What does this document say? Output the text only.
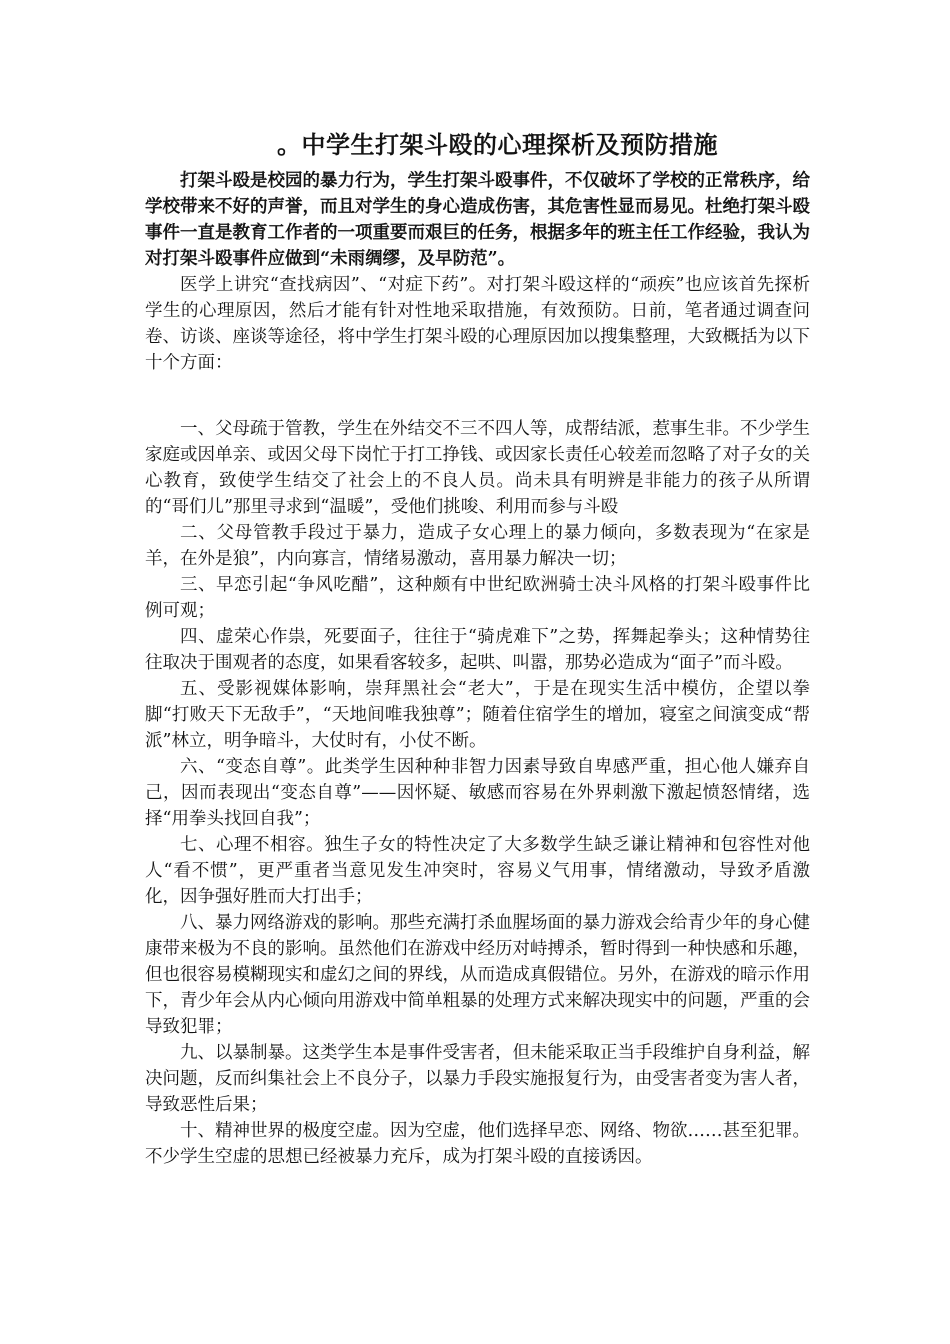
。中学生打架斗殴的心理探析及预防措施

打架斗殴是校园的暴力行为，学生打架斗殴事件，不仅破坏了学校的正常秩序，给学校带来不好的声誉，而且对学生的身心造成伤害，其危害性显而易见。杜绝打架斗殴事件一直是教育工作者的一项重要而艰巨的任务，根据多年的班主任工作经验，我认为对打架斗殴事件应做到“未雨绸缪，及早防范”。

医学上讲究“查找病因”、“对症下药”。对打架斗殴这样的“顽疾”也应该首先探析学生的心理原因，然后才能有针对性地采取措施，有效预防。日前，笔者通过调查问卷、访谈、座谈等途径，将中学生打架斗殴的心理原因加以搜集整理，大致概括为以下十个方面：

一、父母疏于管教，学生在外结交不三不四人等，成帮结派，惹事生非。不少学生家庭或因单亲、或因父母下岗忙于打工挣钱、或因家长责任心较差而忽略了对子女的关心教育，致使学生结交了社会上的不良人员。尚未具有明辨是非能力的孩子从所谓的“哥们儿”那里寻求到“温暖”，受他们挑唆、利用而参与斗殴

二、父母管教手段过于暴力，造成子女心理上的暴力倾向，多数表现为“在家是羊，在外是狼”，内向寡言，情绪易激动，喜用暴力解决一切；

三、早恋引起“争风吃醋”，这种颇有中世纪欧洲骑士决斗风格的打架斗殴事件比例可观；

四、虚荣心作祟，死要面子，往往于“骑虎难下”之势，挥舞起拳头；这种情势往往取决于围观者的态度，如果看客较多，起哄、叫嚣，那势必造成为“面子”而斗殴。

五、受影视媒体影响，崇拜黑社会“老大”，于是在现实生活中模仿，企望以拳脚“打败天下无敌手”，“天地间唯我独尊”；随着住宿学生的增加，寝室之间演变成“帮派”林立，明争暗斗，大仗时有，小仗不断。

六、“变态自尊”。此类学生因种种非智力因素导致自卑感严重，担心他人嫌弃自己，因而表现出“变态自尊”——因怀疑、敏感而容易在外界刺激下激起愤怒情绪，选择“用拳头找回自我”；

七、心理不相容。独生子女的特性决定了大多数学生缺乏谦让精神和包容性对他人“看不惯”，更严重者当意见发生冲突时，容易义气用事，情绪激动，导致矛盾激化，因争强好胜而大打出手；

八、暴力网络游戏的影响。那些充满打杀血腥场面的暴力游戏会给青少年的身心健康带来极为不良的影响。虽然他们在游戏中经历对峙搏杀，暂时得到一种快感和乐趣，但也很容易模糊现实和虚幻之间的界线，从而造成真假错位。另外，在游戏的暗示作用下，青少年会从内心倾向用游戏中简单粗暴的处理方式来解决现实中的问题，严重的会导致犯罪；

九、以暴制暴。这类学生本是事件受害者，但未能采取正当手段维护自身利益，解决问题，反而纠集社会上不良分子，以暴力手段实施报复行为，由受害者变为害人者，导致恶性后果；

十、精神世界的极度空虚。因为空虚，他们选择早恋、网络、物欲……甚至犯罪。不少学生空虚的思想已经被暴力充斥，成为打架斗殴的直接诱因。
